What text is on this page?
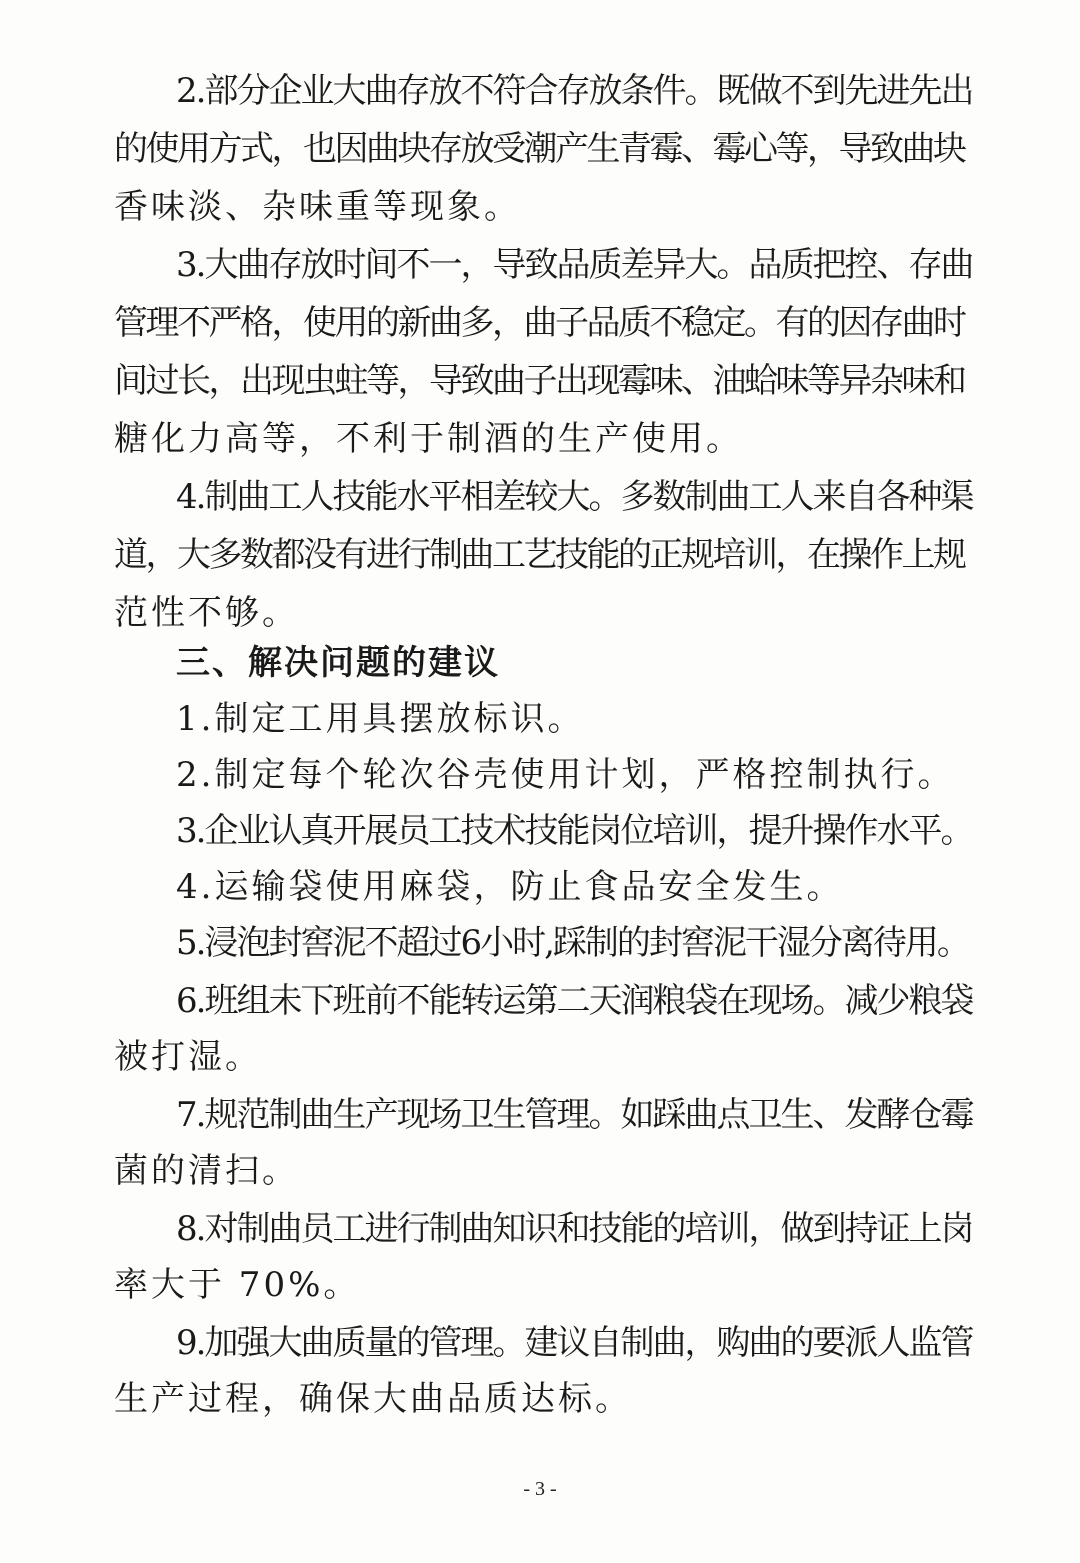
2.部分企业大曲存放不符合存放条件。既做不到先进先出
的使用方式，也因曲块存放受潮产生青霉、霉心等，导致曲块
香味淡、杂味重等现象。
3.大曲存放时间不一，导致品质差异大。品质把控、存曲
管理不严格，使用的新曲多，曲子品质不稳定。有的因存曲时
间过长，出现虫蛀等，导致曲子出现霉味、油蛤味等异杂味和
糖化力高等，不利于制酒的生产使用。
4.制曲工人技能水平相差较大。多数制曲工人来自各种渠
道，大多数都没有进行制曲工艺技能的正规培训，在操作上规
范性不够。
三、解决问题的建议
1.制定工用具摆放标识。
2.制定每个轮次谷壳使用计划，严格控制执行。
3.企业认真开展员工技术技能岗位培训，提升操作水平。
4.运输袋使用麻袋，防止食品安全发生。
5.浸泡封窖泥不超过6小时,踩制的封窖泥干湿分离待用。
6.班组未下班前不能转运第二天润粮袋在现场。减少粮袋
被打湿。
7.规范制曲生产现场卫生管理。如踩曲点卫生、发酵仓霉
菌的清扫。
8.对制曲员工进行制曲知识和技能的培训，做到持证上岗
率大于 70%。
9.加强大曲质量的管理。建议自制曲，购曲的要派人监管
生产过程，确保大曲品质达标。
- 3 -
